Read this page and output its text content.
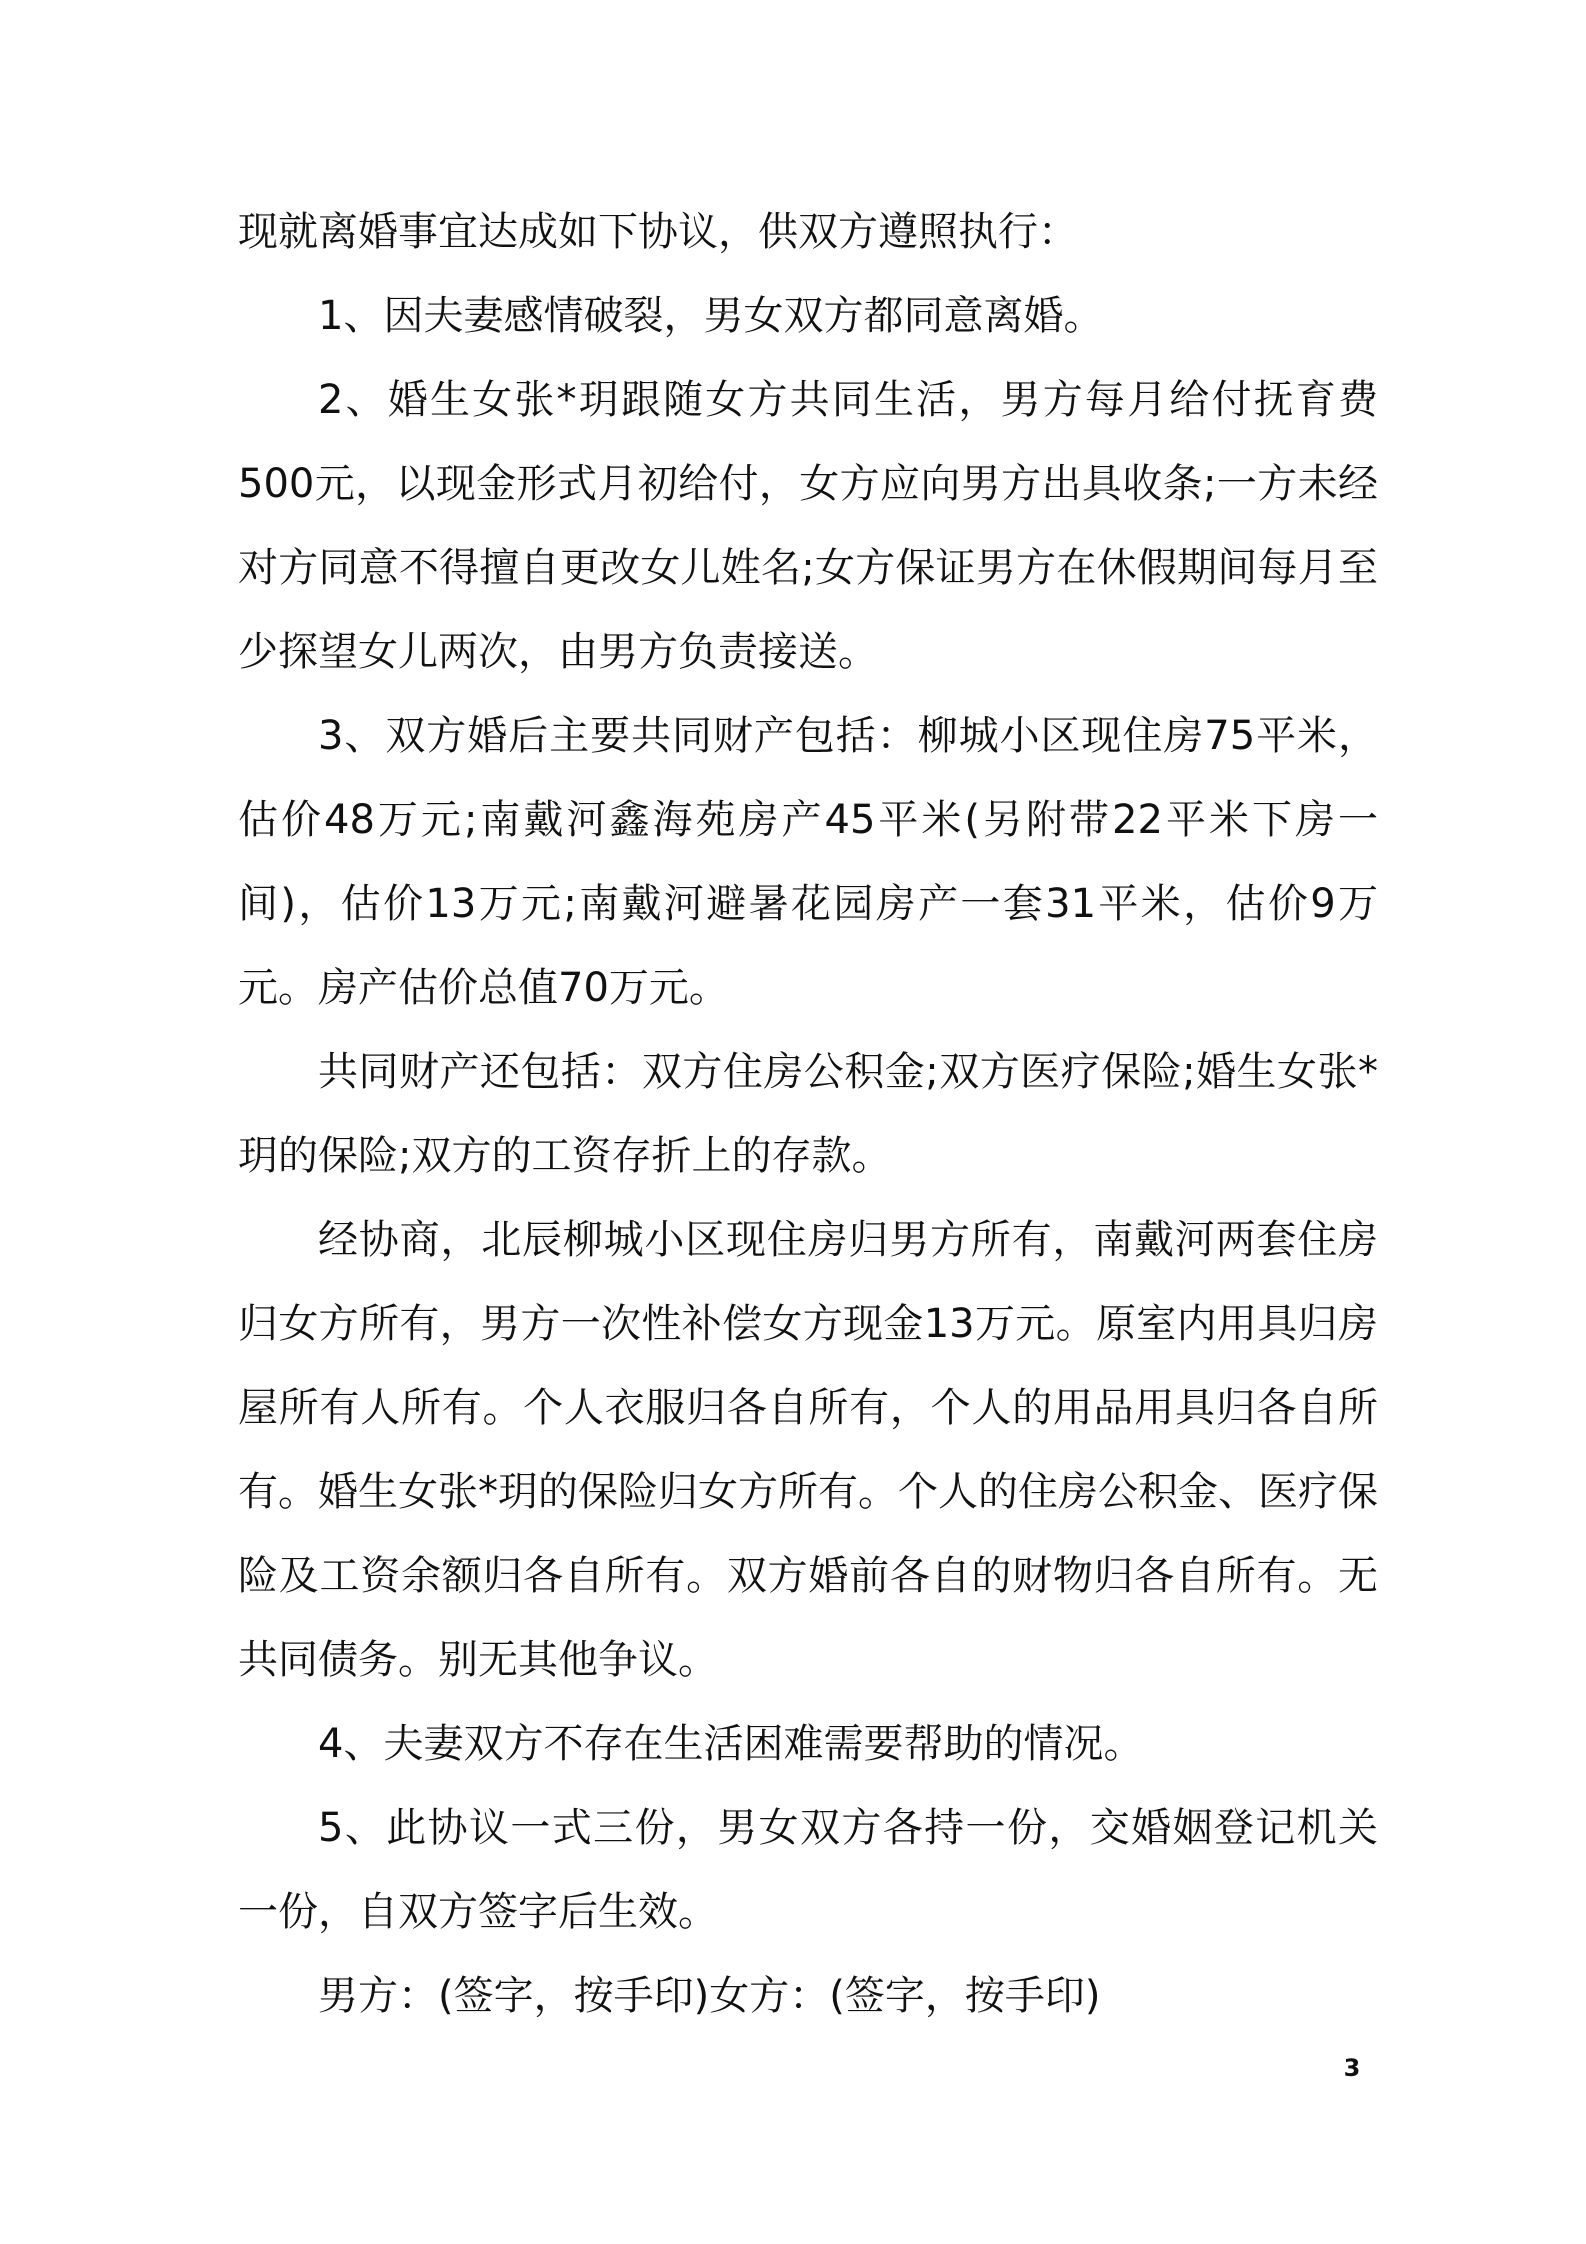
现就离婚事宜达成如下协议，供双方遵照执行：

1、因夫妻感情破裂，男女双方都同意离婚。

2、婚生女张*玥跟随女方共同生活，男方每月给付抚育费500元，以现金形式月初给付，女方应向男方出具收条;一方未经对方同意不得擅自更改女儿姓名;女方保证男方在休假期间每月至少探望女儿两次，由男方负责接送。

3、双方婚后主要共同财产包括：柳城小区现住房75平米，估价48万元;南戴河鑫海苑房产45平米(另附带22平米下房一间)，估价13万元;南戴河避暑花园房产一套31平米，估价9万元。房产估价总值70万元。

共同财产还包括：双方住房公积金;双方医疗保险;婚生女张*玥的保险;双方的工资存折上的存款。

经协商，北辰柳城小区现住房归男方所有，南戴河两套住房归女方所有，男方一次性补偿女方现金13万元。原室内用具归房屋所有人所有。个人衣服归各自所有，个人的用品用具归各自所有。婚生女张*玥的保险归女方所有。个人的住房公积金、医疗保险及工资余额归各自所有。双方婚前各自的财物归各自所有。无共同债务。别无其他争议。

4、夫妻双方不存在生活困难需要帮助的情况。

5、此协议一式三份，男女双方各持一份，交婚姻登记机关一份，自双方签字后生效。

男方：(签字，按手印)女方：(签字，按手印)

3
